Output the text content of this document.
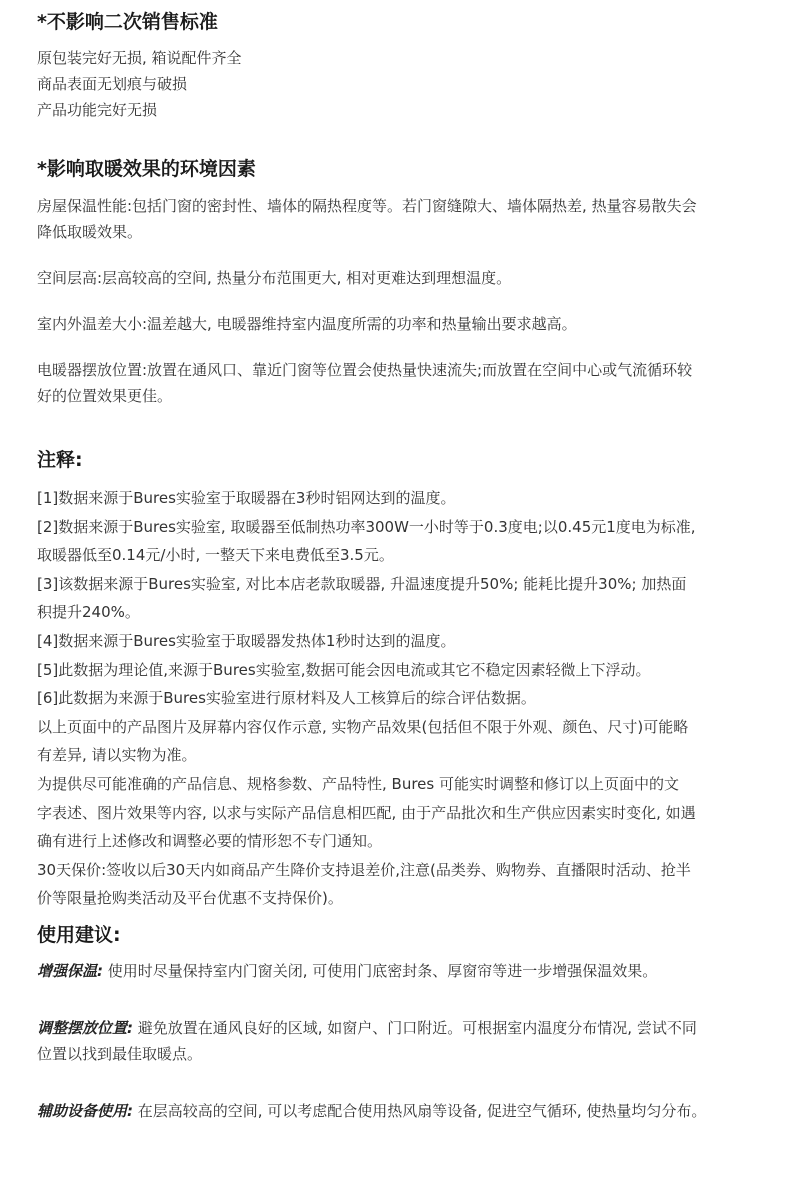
*不影响二次销售标准

原包装完好无损, 箱说配件齐全

商品表面无划痕与破损

产品功能完好无损

*影响取暖效果的环境因素

房屋保温性能:包括门窗的密封性、墙体的隔热程度等。若门窗缝隙大、墙体隔热差, 热量容易散失会

降低取暖效果。

空间层高:层高较高的空间, 热量分布范围更大, 相对更难达到理想温度。

室内外温差大小:温差越大, 电暖器维持室内温度所需的功率和热量输出要求越高。

电暖器摆放位置:放置在通风口、靠近门窗等位置会使热量快速流失;而放置在空间中心或气流循环较

好的位置效果更佳。

注释:

[1]数据来源于Bures实验室于取暖器在3秒时铝网达到的温度。

[2]数据来源于Bures实验室, 取暖器至低制热功率300W一小时等于0.3度电;以0.45元1度电为标准,

取暖器低至0.14元/小时, 一整天下来电费低至3.5元。

[3]该数据来源于Bures实验室, 对比本店老款取暖器, 升温速度提升50%; 能耗比提升30%; 加热面

积提升240%。

[4]数据来源于Bures实验室于取暖器发热体1秒时达到的温度。

[5]此数据为理论值,来源于Bures实验室,数据可能会因电流或其它不稳定因素轻微上下浮动。

[6]此数据为来源于Bures实验室进行原材料及人工核算后的综合评估数据。

以上页面中的产品图片及屏幕内容仅作示意, 实物产品效果(包括但不限于外观、颜色、尺寸)可能略

有差异, 请以实物为准。

为提供尽可能准确的产品信息、规格参数、产品特性, Bures 可能实时调整和修订以上页面中的文

字表述、图片效果等内容, 以求与实际产品信息相匹配, 由于产品批次和生产供应因素实时变化, 如遇

确有进行上述修改和调整必要的情形恕不专门通知。

30天保价:签收以后30天内如商品产生降价支持退差价,注意(品类券、购物券、直播限时活动、抢半

价等限量抢购类活动及平台优惠不支持保价)。

使用建议:

增强保温: 使用时尽量保持室内门窗关闭, 可使用门底密封条、厚窗帘等进一步增强保温效果。

调整摆放位置: 避免放置在通风良好的区域, 如窗户、门口附近。可根据室内温度分布情况, 尝试不同

位置以找到最佳取暖点。

辅助设备使用: 在层高较高的空间, 可以考虑配合使用热风扇等设备, 促进空气循环, 使热量均匀分布。
